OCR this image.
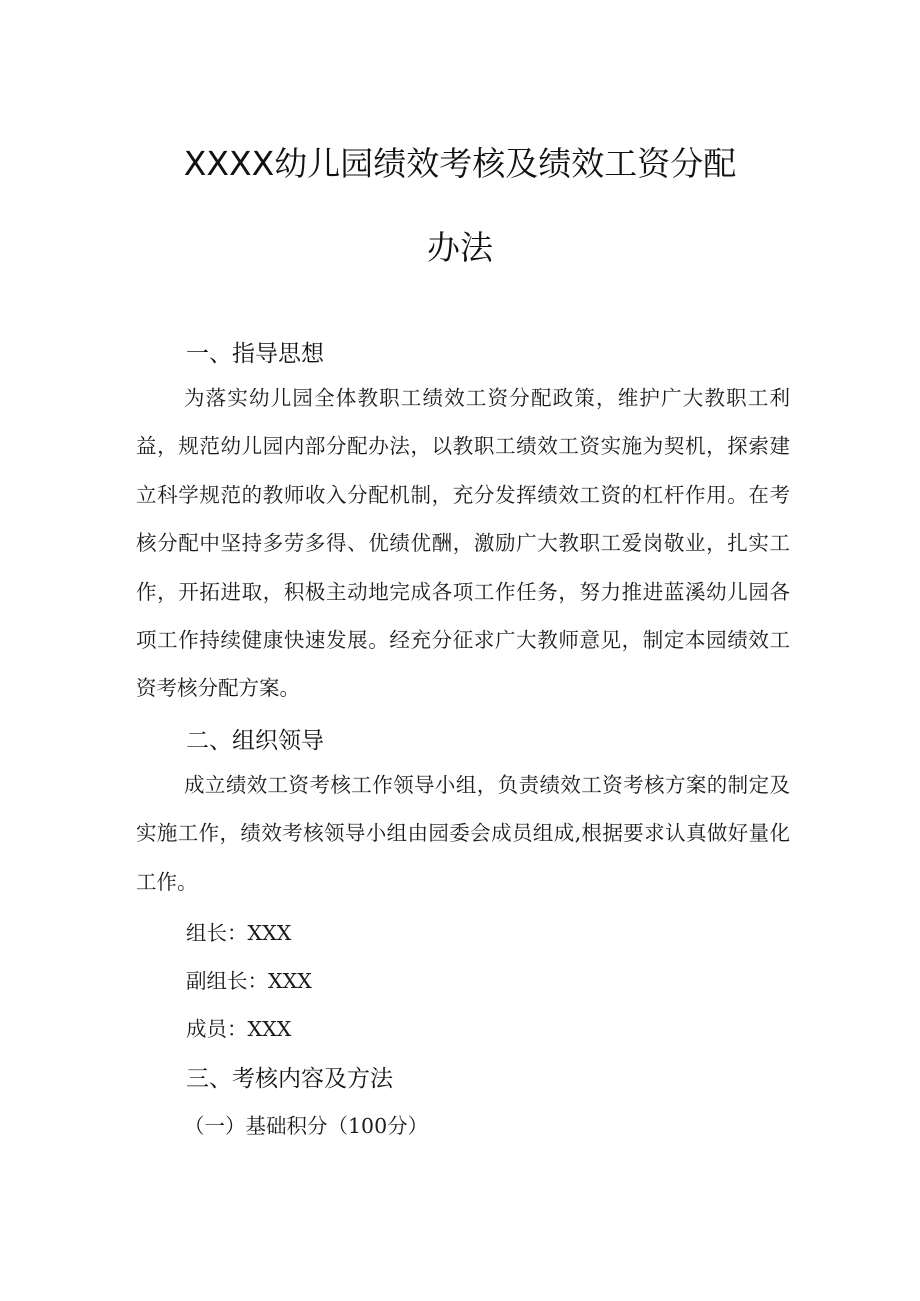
XXXX幼儿园绩效考核及绩效工资分配
办法
一、指导思想
为落实幼儿园全体教职工绩效工资分配政策，维护广大教职工利益，规范幼儿园内部分配办法，以教职工绩效工资实施为契机，探索建立科学规范的教师收入分配机制，充分发挥绩效工资的杠杆作用。在考核分配中坚持多劳多得、优绩优酬，激励广大教职工爱岗敬业，扎实工作，开拓进取，积极主动地完成各项工作任务，努力推进蓝溪幼儿园各项工作持续健康快速发展。经充分征求广大教师意见，制定本园绩效工资考核分配方案。
二、组织领导
成立绩效工资考核工作领导小组，负责绩效工资考核方案的制定及实施工作，绩效考核领导小组由园委会成员组成,根据要求认真做好量化工作。
组长：XXX
副组长：XXX
成员：XXX
三、考核内容及方法
（一）基础积分（100分）
